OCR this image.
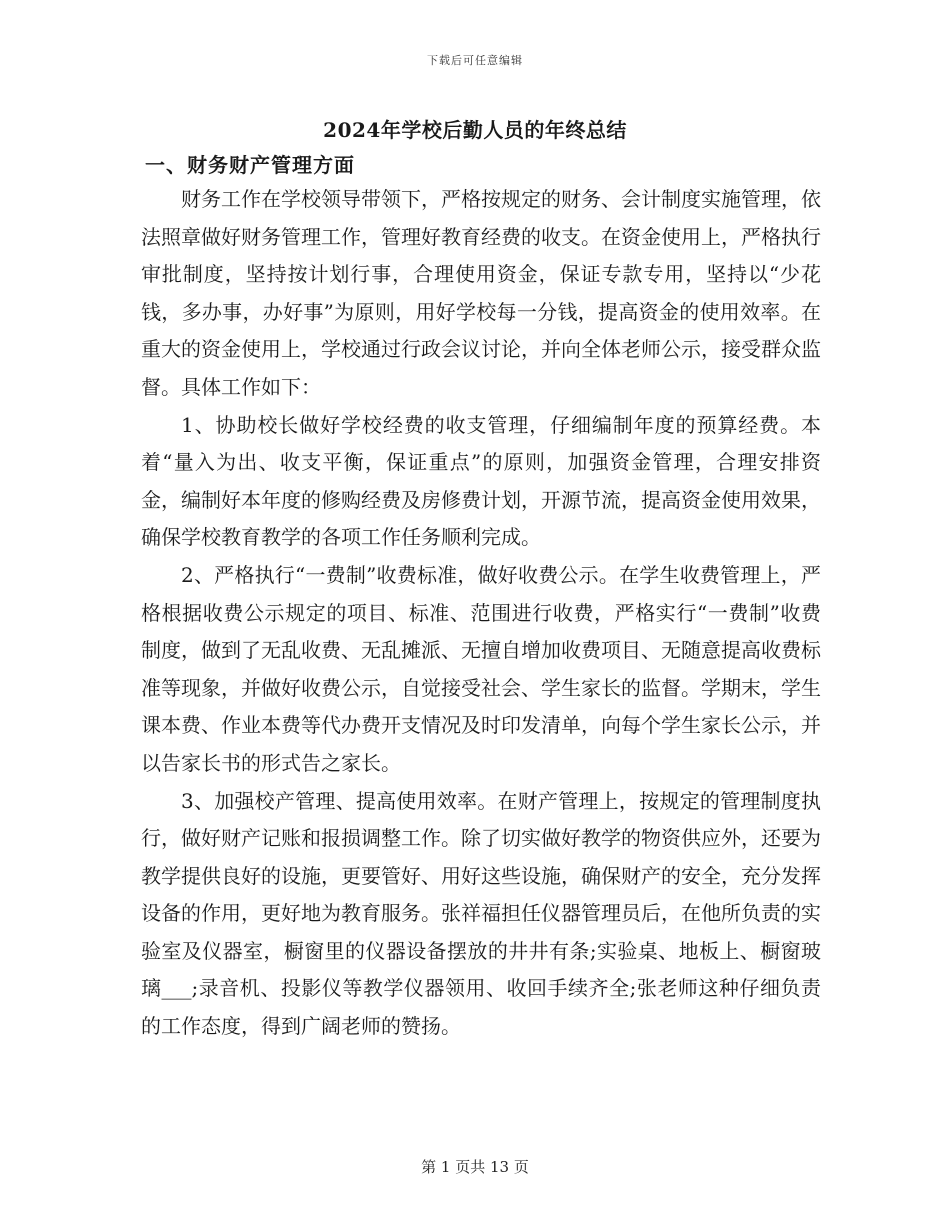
下载后可任意编辑
2024年学校后勤人员的年终总结
一、财务财产管理方面

财务工作在学校领导带领下，严格按规定的财务、会计制度实施管理，依法照章做好财务管理工作，管理好教育经费的收支。在资金使用上，严格执行审批制度，坚持按计划行事，合理使用资金，保证专款专用，坚持以“少花钱，多办事，办好事”为原则，用好学校每一分钱，提高资金的使用效率。在重大的资金使用上，学校通过行政会议讨论，并向全体老师公示，接受群众监督。具体工作如下：

1、协助校长做好学校经费的收支管理，仔细编制年度的预算经费。本着“量入为出、收支平衡，保证重点”的原则，加强资金管理，合理安排资金，编制好本年度的修购经费及房修费计划，开源节流，提高资金使用效果，确保学校教育教学的各项工作任务顺利完成。

2、严格执行“一费制”收费标准，做好收费公示。在学生收费管理上，严格根据收费公示规定的项目、标准、范围进行收费，严格实行“一费制”收费制度，做到了无乱收费、无乱摊派、无擅自增加收费项目、无随意提高收费标准等现象，并做好收费公示，自觉接受社会、学生家长的监督。学期末，学生课本费、作业本费等代办费开支情况及时印发清单，向每个学生家长公示，并以告家长书的形式告之家长。

3、加强校产管理、提高使用效率。在财产管理上，按规定的管理制度执行，做好财产记账和报损调整工作。除了切实做好教学的物资供应外，还要为教学提供良好的设施，更要管好、用好这些设施，确保财产的安全，充分发挥设备的作用，更好地为教育服务。张祥福担任仪器管理员后，在他所负责的实验室及仪器室，橱窗里的仪器设备摆放的井井有条;实验桌、地板上、橱窗玻璃___;录音机、投影仪等教学仪器领用、收回手续齐全;张老师这种仔细负责的工作态度，得到广阔老师的赞扬。

第 1 页共 13 页
